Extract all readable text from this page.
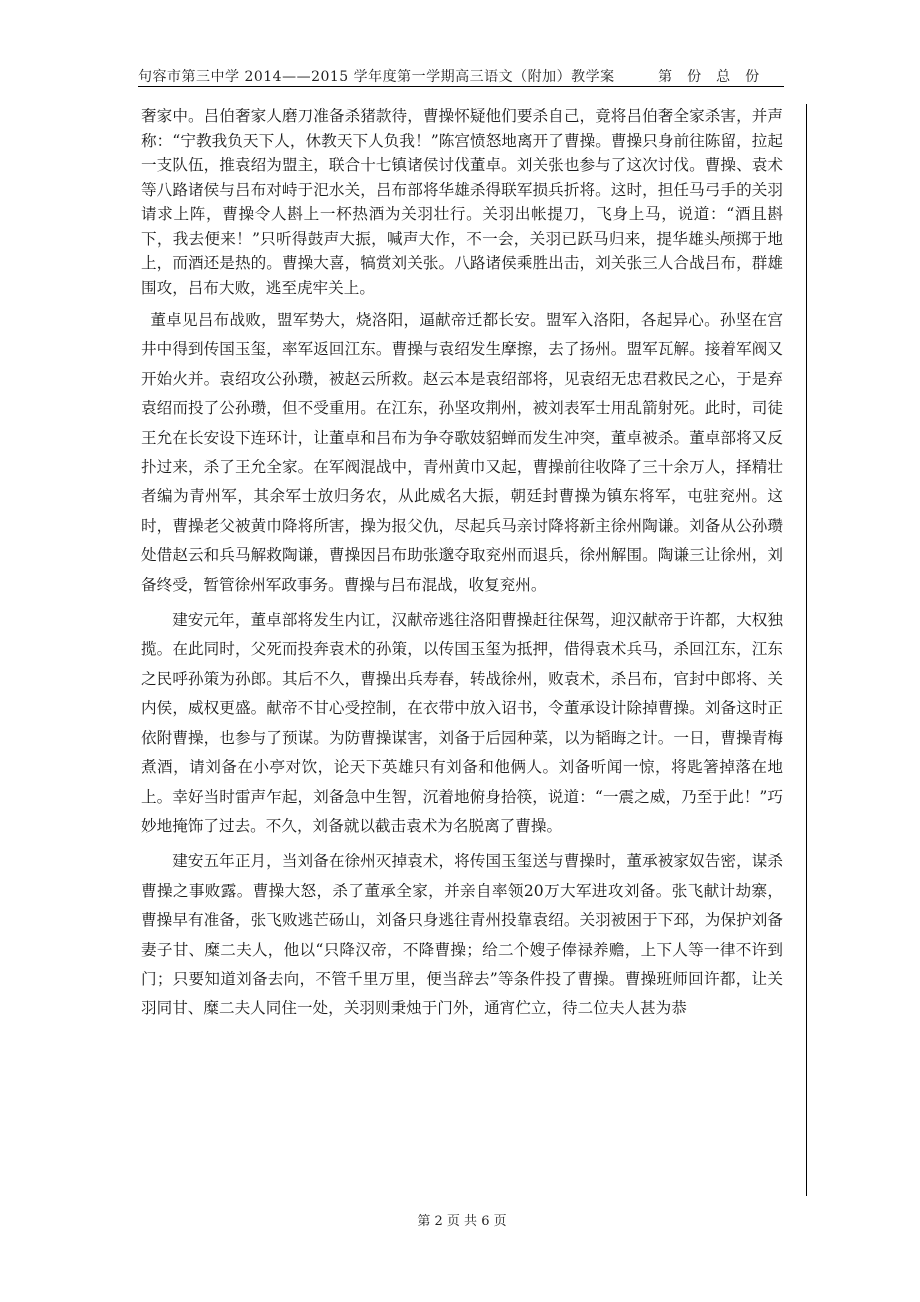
句容市第三中学 2014——2015 学年度第一学期高三语文（附加）教学案　　　第　份　总　份

奢家中。吕伯奢家人磨刀准备杀猪款待，曹操怀疑他们要杀自己，竟将吕伯奢全家杀害，并声称：“宁教我负天下人，休教天下人负我！”陈宫愤怒地离开了曹操。曹操只身前往陈留，拉起一支队伍，推袁绍为盟主，联合十七镇诸侯讨伐董卓。刘关张也参与了这次讨伐。曹操、袁术等八路诸侯与吕布对峙于汜水关，吕布部将华雄杀得联军损兵折将。这时，担任马弓手的关羽请求上阵，曹操令人斟上一杯热酒为关羽壮行。关羽出帐提刀，飞身上马，说道：“酒且斟下，我去便来！”只听得鼓声大振，喊声大作，不一会，关羽已跃马归来，提华雄头颅掷于地上，而酒还是热的。曹操大喜，犒赏刘关张。八路诸侯乘胜出击，刘关张三人合战吕布，群雄围攻，吕布大败，逃至虎牢关上。

董卓见吕布战败，盟军势大，烧洛阳，逼献帝迁都长安。盟军入洛阳，各起异心。孙坚在宫井中得到传国玉玺，率军返回江东。曹操与袁绍发生摩擦，去了扬州。盟军瓦解。接着军阀又开始火并。袁绍攻公孙瓒，被赵云所救。赵云本是袁绍部将，见袁绍无忠君救民之心，于是弃袁绍而投了公孙瓒，但不受重用。在江东，孙坚攻荆州，被刘表军士用乱箭射死。此时，司徒王允在长安设下连环计，让董卓和吕布为争夺歌妓貂蝉而发生冲突，董卓被杀。董卓部将又反扑过来，杀了王允全家。在军阀混战中，青州黄巾又起，曹操前往收降了三十余万人，择精壮者编为青州军，其余军士放归务农，从此威名大振，朝廷封曹操为镇东将军，屯驻兖州。这时，曹操老父被黄巾降将所害，操为报父仇，尽起兵马亲讨降将新主徐州陶谦。刘备从公孙瓒处借赵云和兵马解救陶谦，曹操因吕布助张邈夺取兖州而退兵，徐州解围。陶谦三让徐州，刘备终受，暂管徐州军政事务。曹操与吕布混战，收复兖州。

建安元年，董卓部将发生内讧，汉献帝逃往洛阳曹操赶往保驾，迎汉献帝于许都，大权独揽。在此同时，父死而投奔袁术的孙策，以传国玉玺为抵押，借得袁术兵马，杀回江东，江东之民呼孙策为孙郎。其后不久，曹操出兵寿春，转战徐州，败袁术，杀吕布，官封中郎将、关内侯，威权更盛。献帝不甘心受控制，在衣带中放入诏书，令董承设计除掉曹操。刘备这时正依附曹操，也参与了预谋。为防曹操谋害，刘备于后园种菜，以为韬晦之计。一日，曹操青梅煮酒，请刘备在小亭对饮，论天下英雄只有刘备和他俩人。刘备听闻一惊，将匙箸掉落在地上。幸好当时雷声乍起，刘备急中生智，沉着地俯身拾筷，说道：“一震之威，乃至于此！”巧妙地掩饰了过去。不久，刘备就以截击袁术为名脱离了曹操。

建安五年正月，当刘备在徐州灭掉袁术，将传国玉玺送与曹操时，董承被家奴告密，谋杀曹操之事败露。曹操大怒，杀了董承全家，并亲自率领20万大军进攻刘备。张飞献计劫寨，曹操早有准备，张飞败逃芒砀山，刘备只身逃往青州投靠袁绍。关羽被困于下邳，为保护刘备妻子甘、糜二夫人，他以“只降汉帝，不降曹操；给二个嫂子俸禄养赡，上下人等一律不许到门；只要知道刘备去向，不管千里万里，便当辞去”等条件投了曹操。曹操班师回许都，让关羽同甘、糜二夫人同住一处，关羽则秉烛于门外，通宵伫立，待二位夫人甚为恭

第 2 页 共 6 页
